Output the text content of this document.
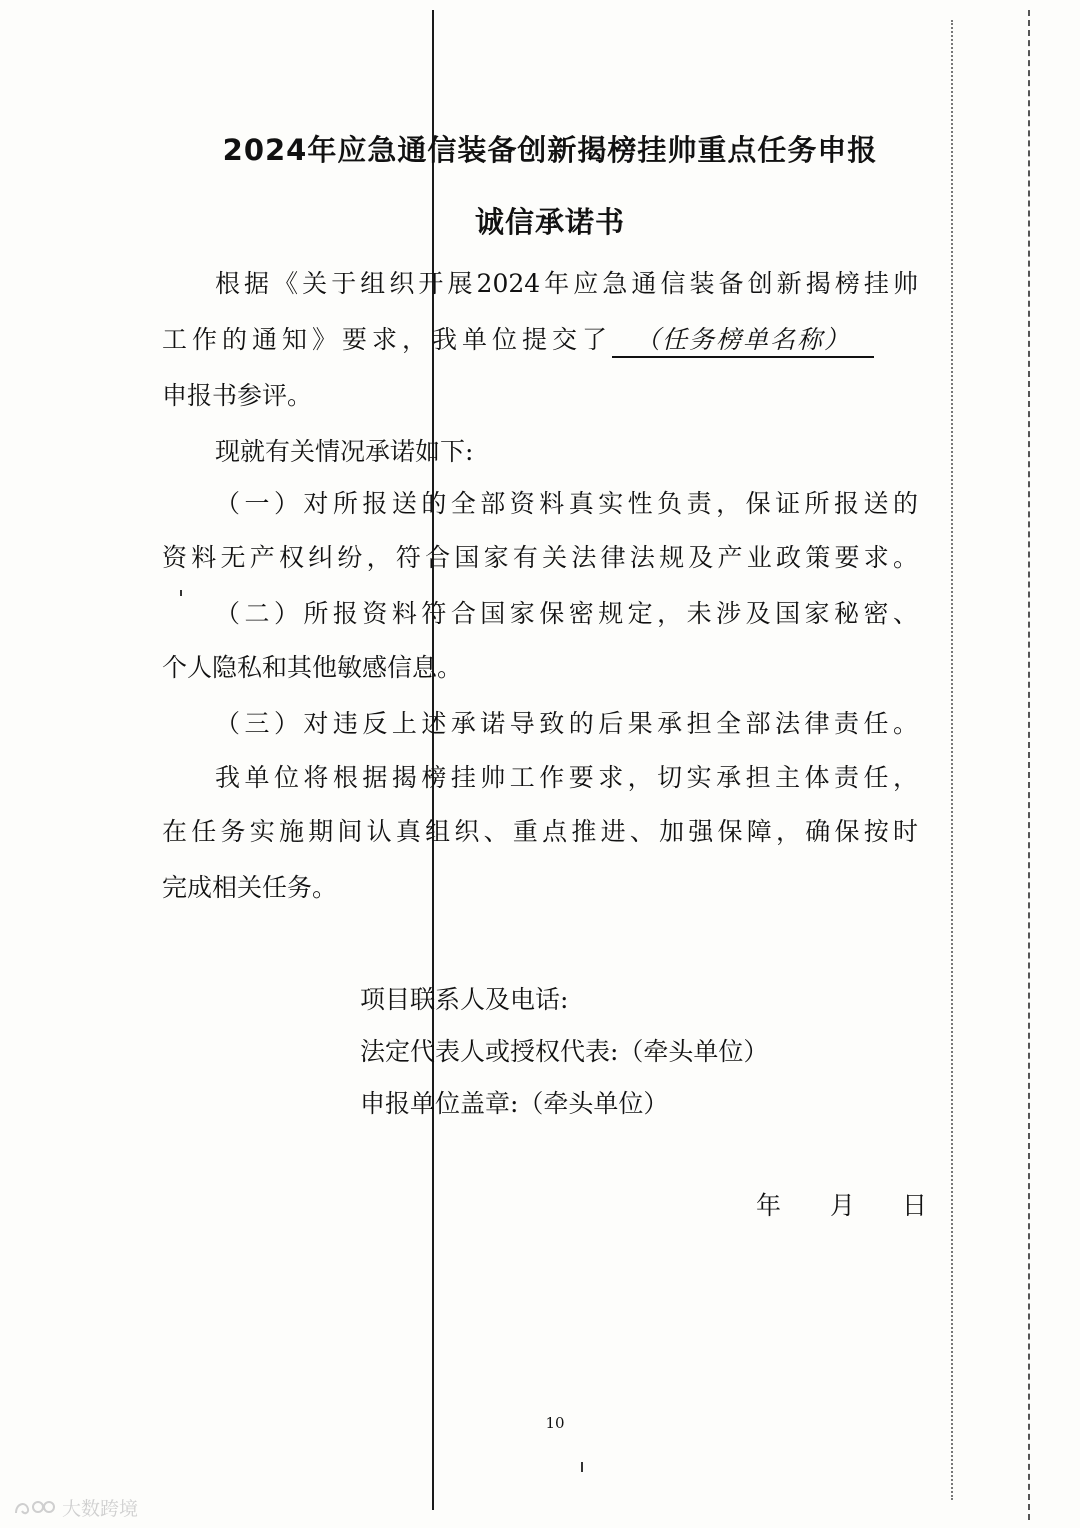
2024年应急通信装备创新揭榜挂帅重点任务申报
诚信承诺书
根据《关于组织开展2024年应急通信装备创新揭榜挂帅
工作的通知》要求，我单位提交了 （任务榜单名称）
申报书参评。
现就有关情况承诺如下:
（一）对所报送的全部资料真实性负责，保证所报送的
资料无产权纠纷，符合国家有关法律法规及产业政策要求。
（二）所报资料符合国家保密规定，未涉及国家秘密、
个人隐私和其他敏感信息。
（三）对违反上述承诺导致的后果承担全部法律责任。
我单位将根据揭榜挂帅工作要求，切实承担主体责任，
在任务实施期间认真组织、重点推进、加强保障，确保按时
完成相关任务。
项目联系人及电话:
法定代表人或授权代表:（牵头单位）
申报单位盖章:（牵头单位）
年 月 日
10
大数跨境
